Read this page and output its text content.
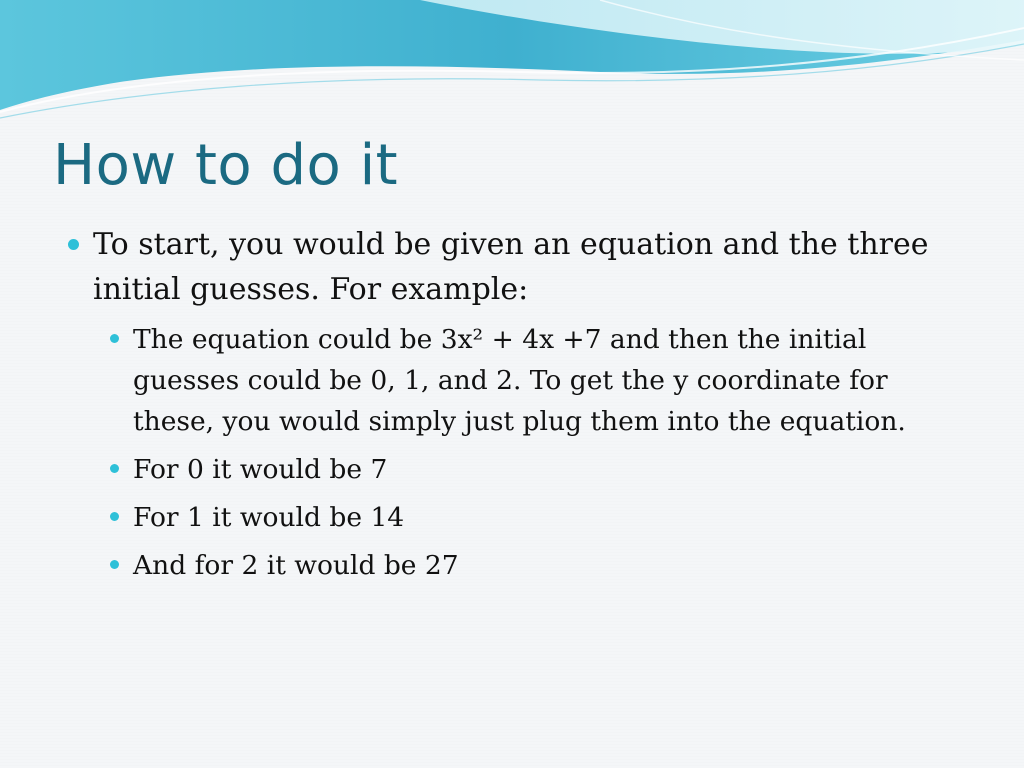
How to do it
To start, you would be given an equation and the three initial guesses. For example:
The equation could be 3x² + 4x +7 and then the initial guesses could be 0, 1, and 2. To get the y coordinate for these, you would simply just plug them into the equation.
For 0 it would be 7
For 1 it would be 14
And for 2 it would be 27
